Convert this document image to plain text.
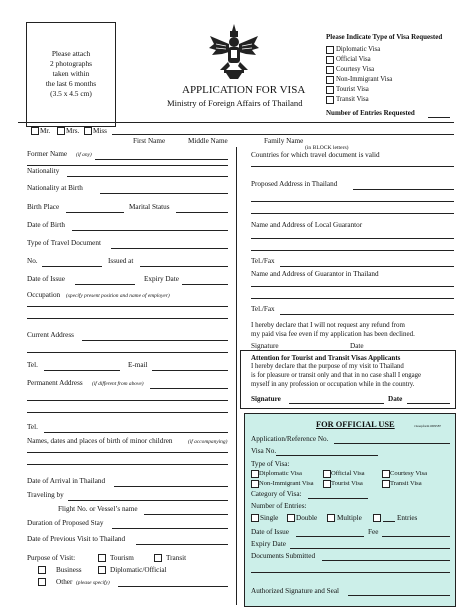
Please attach
2 photographs
taken within
the last 6 months
(3.5 x 4.5 cm)	APPLICATION FOR VISA
Ministry of Foreign Affairs of Thailand
Please Indicate Type of Visa Requested
Diplomatic Visa
Official Visa
Courtesy Visa
Non-Immigrant Visa
Tourist Visa
Transit Visa
Number of Entries Requested
Mr. Mrs. Miss
First Name	Middle Name	Family Name
(in BLOCK letters)
Former Name (if any)
Nationality
Nationality at Birth
Birth Place	Marital Status
Date of Birth
Type of Travel Document
No.	Issued at
Date of Issue	Expiry Date
Occupation (specify present position and name of employer)
Current Address
Tel.	E-mail
Permanent Address (if different from above)
Tel.
Names, dates and places of birth of minor children	(if accompanying)
Date of Arrival in Thailand
Traveling by
Flight No. or Vessel’s name
Duration of Proposed Stay
Date of Previous Visit to Thailand
Purpose of Visit:	Tourism	Transit
Business	Diplomatic/Official
Other (please specify)
Countries for which travel document is valid
Proposed Address in Thailand
Name and Address of Local Guarantor
Tel./Fax
Name and Address of Guarantor in Thailand
Tel./Fax
I hereby declare that I will not request any refund from
my paid visa fee even if my application has been declined.
Signature	Date
Attention for Tourist and Transit Visas Applicants
I hereby declare that the purpose of my visit to Thailand
is for pleasure or transit only and that in no case shall I engage
myself in any profession or occupation while in the country.
Signature	Date
FOR OFFICIAL USE	visaapform1009587
Application/Reference No.
Visa No.
Type of Visa:
Diplomatic Visa	Official Visa	Courtesy Visa
Non-Immigrant Visa	Tourist Visa	Transit Visa
Category of Visa:
Number of Entries:
Single Double	Multiple	Entries
Date of Issue	Fee
Expiry Date
Documents Submitted
Authorized Signature and Seal
